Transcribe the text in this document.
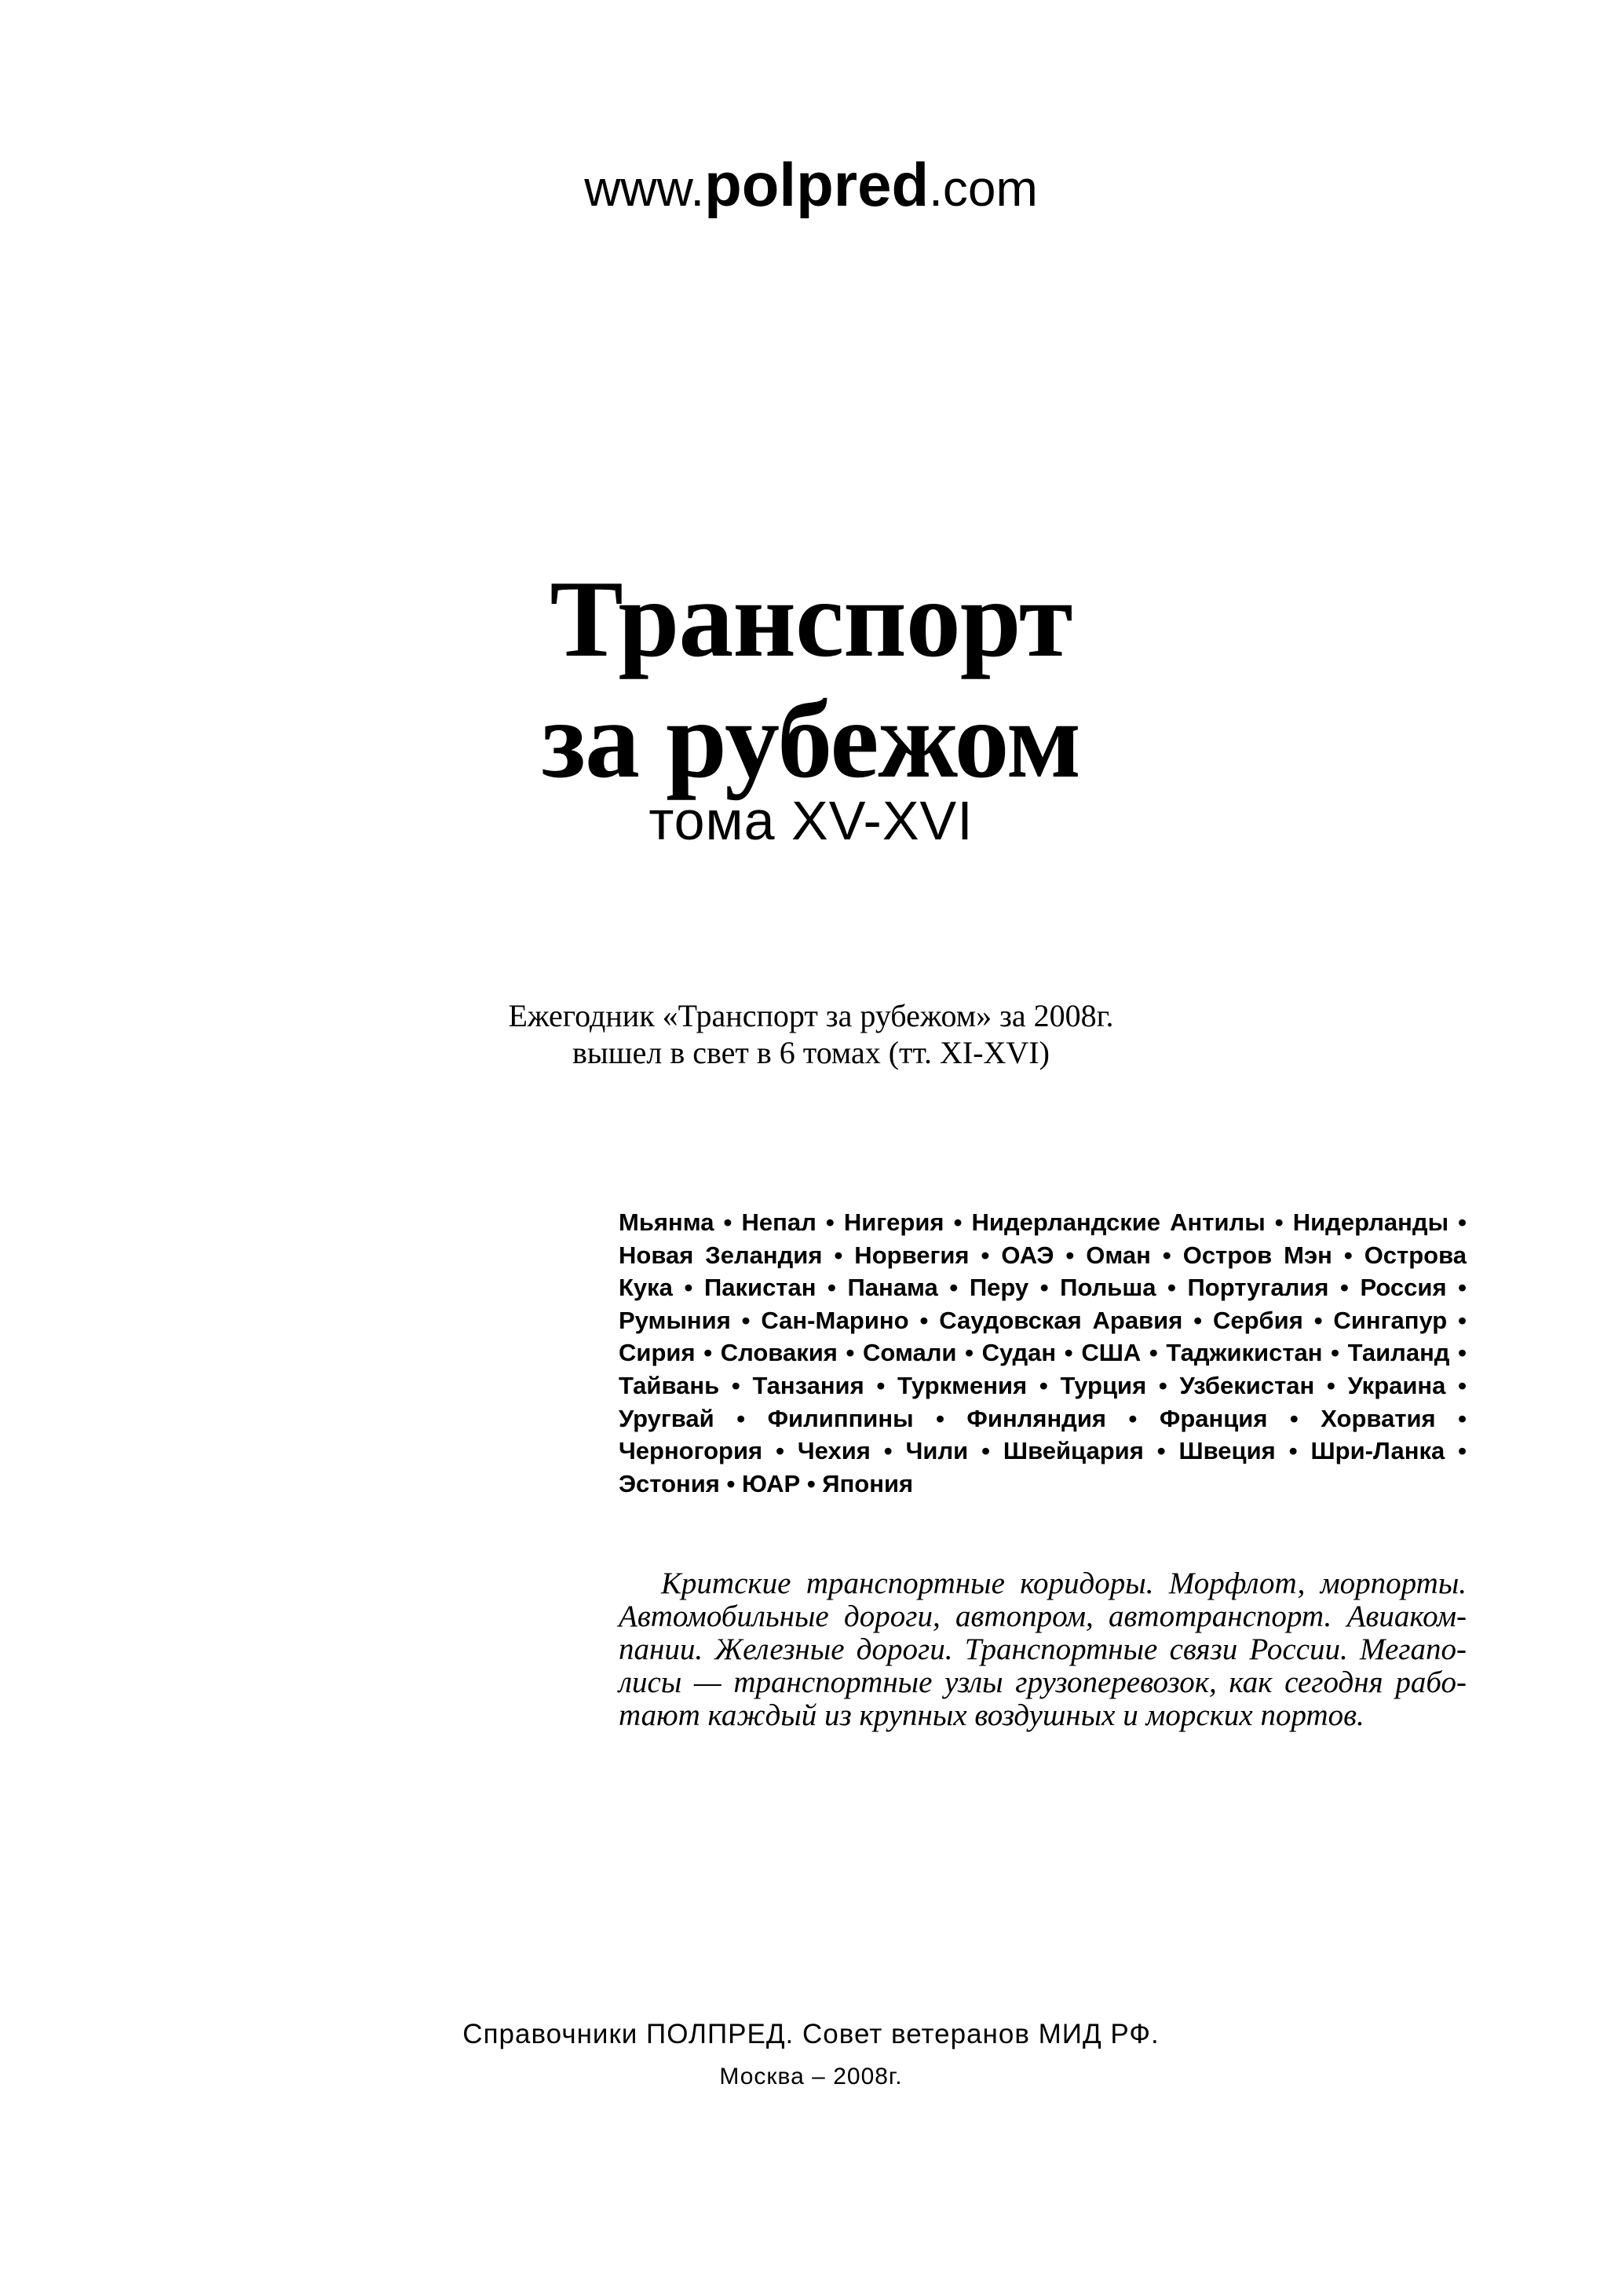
www.polpred.com
Транспорт
за рубежом
тома XV-XVI
Ежегодник «Транспорт за рубежом» за 2008г.
вышел в свет в 6 томах (тт. XI-XVI)
Мьянма • Непал • Нигерия • Нидерландские Антилы • Нидерланды • Новая Зеландия • Норвегия • ОАЭ • Оман • Остров Мэн • Острова Кука • Пакистан • Панама • Перу • Польша • Португалия • Россия • Румыния • Сан-Марино • Саудовская Аравия • Сербия • Сингапур • Сирия • Словакия • Сомали • Судан • США • Таджикистан • Таиланд • Тайвань • Танзания • Туркмения • Турция • Узбекистан • Украина • Уругвай • Филиппины • Финляндия • Франция • Хорватия • Черногория • Чехия • Чили • Швейцария • Швеция • Шри-Ланка • Эстония • ЮАР • Япония
Критские транспортные коридоры. Морфлот, морпорты. Автомобильные дороги, автопром, автотранспорт. Авиакомпании. Железные дороги. Транспортные связи России. Мегаполисы — транспортные узлы грузоперевозок, как сегодня работают каждый из крупных воздушных и морских портов.
Справочники ПОЛПРЕД. Совет ветеранов МИД РФ.
Москва – 2008г.
